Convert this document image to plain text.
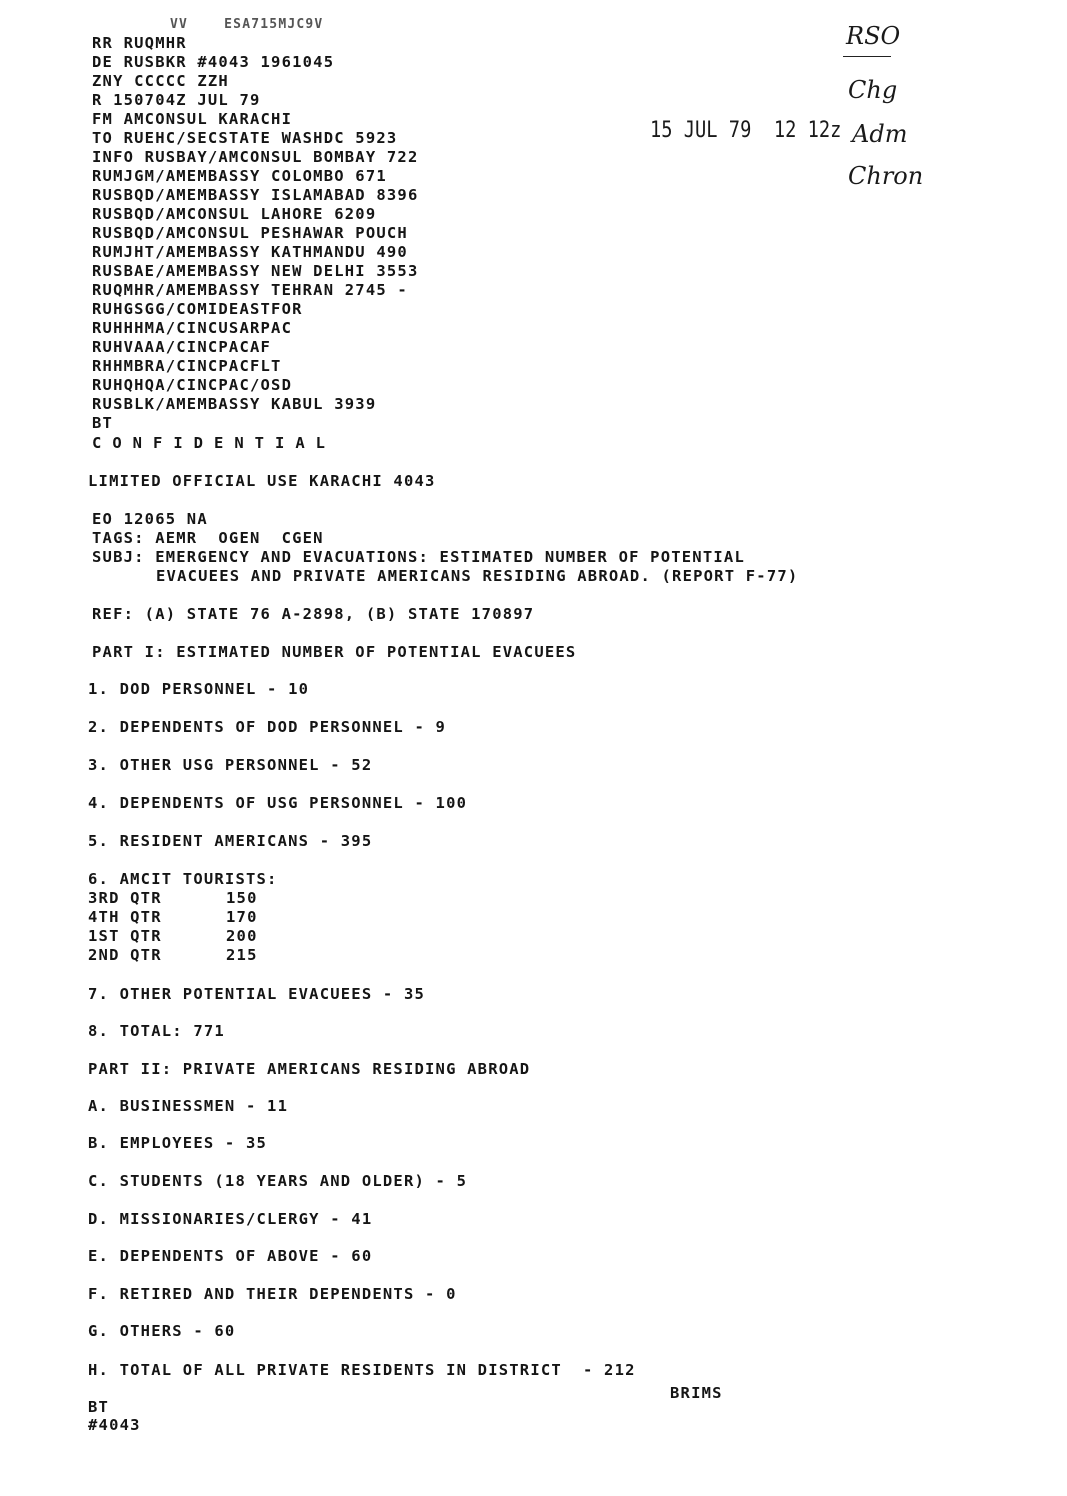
VV    ESA715MJC9V
RR RUQMHR
DE RUSBKR #4043 1961045
ZNY CCCCC ZZH
R 150704Z JUL 79
FM AMCONSUL KARACHI
TO RUEHC/SECSTATE WASHDC 5923
INFO RUSBAY/AMCONSUL BOMBAY 722
RUMJGM/AMEMBASSY COLOMBO 671
RUSBQD/AMEMBASSY ISLAMABAD 8396
RUSBQD/AMCONSUL LAHORE 6209
RUSBQD/AMCONSUL PESHAWAR POUCH
RUMJHT/AMEMBASSY KATHMANDU 490
RUSBAE/AMEMBASSY NEW DELHI 3553
RUQMHR/AMEMBASSY TEHRAN 2745 -
RUHGSGG/COMIDEASTFOR
RUHHHMA/CINCUSARPAC
RUHVAAA/CINCPACAF
RHHMBRA/CINCPACFLT
RUHQHQA/CINCPAC/OSD
RUSBLK/AMEMBASSY KABUL 3939
BT
CONFIDENTIAL
LIMITED OFFICIAL USE KARACHI 4043
EO 12065 NA
TAGS: AEMR  OGEN  CGEN
SUBJ: EMERGENCY AND EVACUATIONS: ESTIMATED NUMBER OF POTENTIAL
EVACUEES AND PRIVATE AMERICANS RESIDING ABROAD. (REPORT F-77)
REF: (A) STATE 76 A-2898, (B) STATE 170897
PART I: ESTIMATED NUMBER OF POTENTIAL EVACUEES
1. DOD PERSONNEL - 10
2. DEPENDENTS OF DOD PERSONNEL - 9
3. OTHER USG PERSONNEL - 52
4. DEPENDENTS OF USG PERSONNEL - 100
5. RESIDENT AMERICANS - 395
6. AMCIT TOURISTS:
3RD QTR	150
4TH QTR	170
1ST QTR	200
2ND QTR	215
7. OTHER POTENTIAL EVACUEES - 35
8. TOTAL: 771
PART II: PRIVATE AMERICANS RESIDING ABROAD
A. BUSINESSMEN - 11
B. EMPLOYEES - 35
C. STUDENTS (18 YEARS AND OLDER) - 5
D. MISSIONARIES/CLERGY - 41
E. DEPENDENTS OF ABOVE - 60
F. RETIRED AND THEIR DEPENDENTS - 0
G. OTHERS - 60
H. TOTAL OF ALL PRIVATE RESIDENTS IN DISTRICT  - 212
BRIMS
BT
#4043
RSO
Chg
Adm
Chron
15 JUL 79  12 12z
